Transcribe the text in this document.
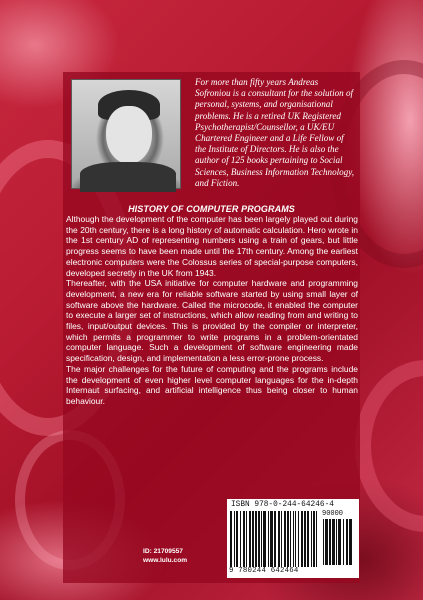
For more than fifty years Andreas Sofroniou is a consultant for the solution of personal, systems, and organisational problems. He is a retired UK Registered Psychotherapist/Counsellor, a UK/EU Chartered Engineer and a Life Fellow of the Institute of Directors. He is also the author of 125 books pertaining to Social Sciences, Business Information Technology, and Fiction.
HISTORY OF COMPUTER PROGRAMS

Although the development of the computer has been largely played out during the 20th century, there is a long history of automatic calculation. Hero wrote in the 1st century AD of representing numbers using a train of gears, but little progress seems to have been made until the 17th century. Among the earliest electronic computers were the Colossus series of special-purpose computers, developed secretly in the UK from 1943.

Thereafter, with the USA initiative for computer hardware and programming development, a new era for reliable software started by using small layer of software above the hardware. Called the microcode, it enabled the computer to execute a larger set of instructions, which allow reading from and writing to files, input/output devices. This is provided by the compiler or interpreter, which permits a programmer to write programs in a problem-orientated computer language. Such a development of software engineering made specification, design, and implementation a less error-prone process.

The major challenges for the future of computing and the programs include the development of even higher level computer languages for the in-depth Internaut surfacing, and artificial intelligence thus being closer to human behaviour.

ISBN 978-0-244-64246-4
90000
9 780244 642464
ID: 21709557
www.lulu.com
